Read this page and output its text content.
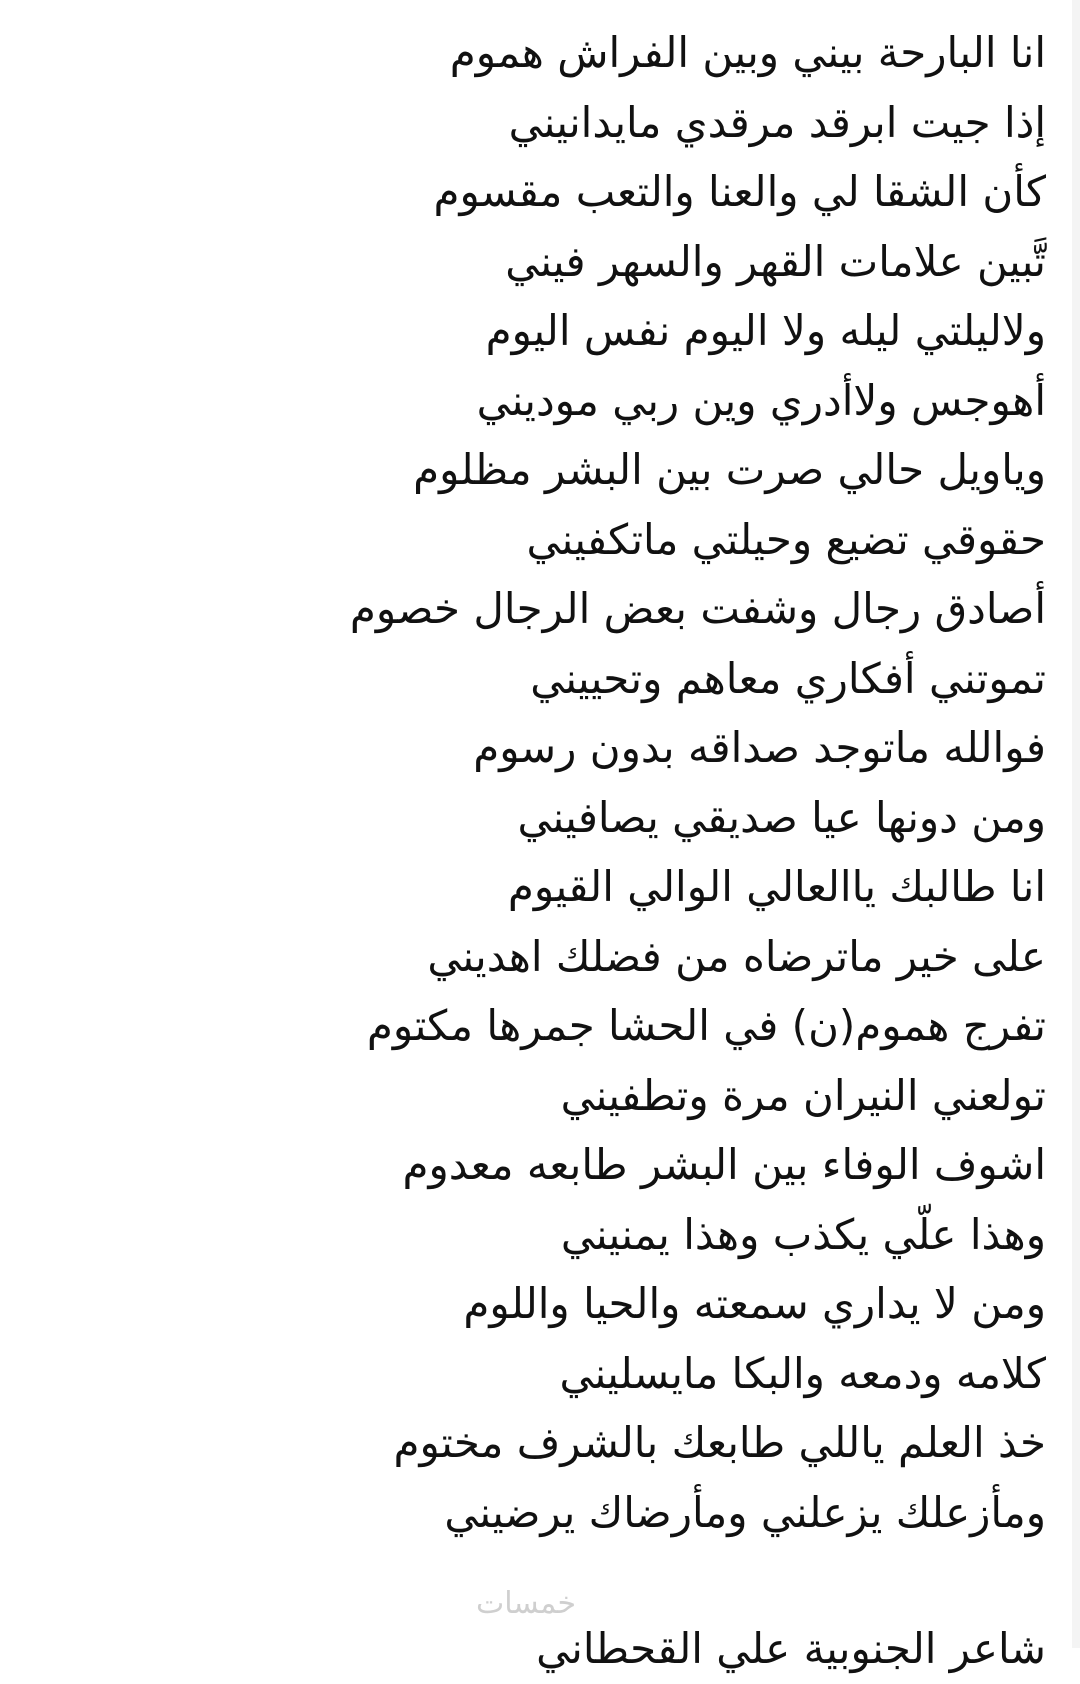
انا البارحة بيني وبين الفراش هموم
إذا جيت ابرقد مرقدي مايدانيني
كأن الشقا لي والعنا والتعب مقسوم
تَّبين علامات القهر والسهر فيني
ولاليلتي ليله ولا اليوم نفس اليوم
أهوجس ولاأدري وين ربي موديني
وياويل حالي صرت بين البشر مظلوم
حقوقي تضيع وحيلتي ماتكفيني
أصادق رجال وشفت بعض الرجال خصوم
تموتني أفكاري معاهم وتحييني
فوالله ماتوجد صداقه بدون رسوم
ومن دونها عيا صديقي يصافيني
انا طالبك ياالعالي الوالي القيوم
على خير ماترضاه من فضلك اهديني
تفرج هموم(ن) في الحشا جمرها مكتوم
تولعني النيران مرة وتطفيني
اشوف الوفاء بين البشر طابعه معدوم
وهذا علّي يكذب وهذا يمنيني
ومن لا يداري سمعته والحيا واللوم
كلامه ودمعه والبكا مايسليني
خذ العلم ياللي طابعك بالشرف مختوم
ومأزعلك يزعلني ومأرضاك يرضيني
خمسات
شاعر الجنوبية علي القحطاني
